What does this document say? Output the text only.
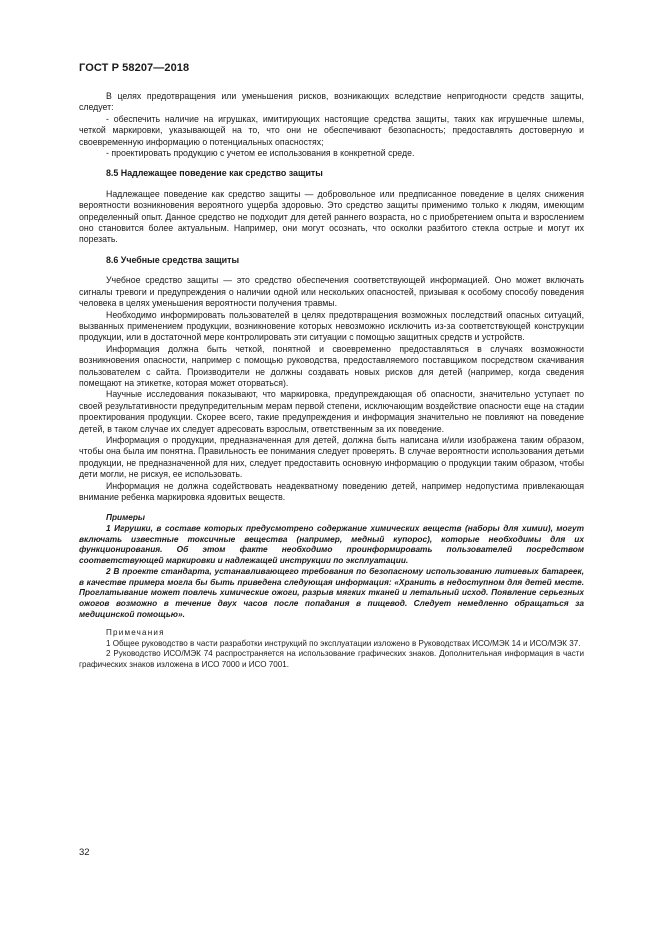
ГОСТ Р 58207—2018

В целях предотвращения или уменьшения рисков, возникающих вследствие непригодности средств защиты, следует:

- обеспечить наличие на игрушках, имитирующих настоящие средства защиты, таких как игрушечные шлемы, четкой маркировки, указывающей на то, что они не обеспечивают безопасность; предоставлять достоверную и своевременную информацию о потенциальных опасностях;

- проектировать продукцию с учетом ее использования в конкретной среде.

8.5 Надлежащее поведение как средство защиты

Надлежащее поведение как средство защиты — добровольное или предписанное поведение в целях снижения вероятности возникновения вероятного ущерба здоровью. Это средство защиты применимо только к людям, имеющим определенный опыт. Данное средство не подходит для детей раннего возраста, но с приобретением опыта и взрослением оно становится более актуальным. Например, они могут осознать, что осколки разбитого стекла острые и могут их порезать.

8.6 Учебные средства защиты

Учебное средство защиты — это средство обеспечения соответствующей информацией. Оно может включать сигналы тревоги и предупреждения о наличии одной или нескольких опасностей, призывая к особому способу поведения человека в целях уменьшения вероятности получения травмы.

Необходимо информировать пользователей в целях предотвращения возможных последствий опасных ситуаций, вызванных применением продукции, возникновение которых невозможно исключить из-за соответствующей конструкции продукции, или в достаточной мере контролировать эти ситуации с помощью защитных средств и устройств.

Информация должна быть четкой, понятной и своевременно предоставляться в случаях возможности возникновения опасности, например с помощью руководства, предоставляемого поставщиком посредством скачивания пользователем с сайта. Производители не должны создавать новых рисков для детей (например, когда сведения помещают на этикетке, которая может оторваться).

Научные исследования показывают, что маркировка, предупреждающая об опасности, значительно уступает по своей результативности предупредительным мерам первой степени, исключающим воздействие опасности еще на стадии проектирования продукции. Скорее всего, такие предупреждения и информация значительно не повлияют на поведение детей, в таком случае их следует адресовать взрослым, ответственным за их поведение.

Информация о продукции, предназначенная для детей, должна быть написана и/или изображена таким образом, чтобы она была им понятна. Правильность ее понимания следует проверять. В случае вероятности использования детьми продукции, не предназначенной для них, следует предоставить основную информацию о продукции таким образом, чтобы дети могли, не рискуя, ее использовать.

Информация не должна содействовать неадекватному поведению детей, например недопустима привлекающая внимание ребенка маркировка ядовитых веществ.

Примеры

1 Игрушки, в составе которых предусмотрено содержание химических веществ (наборы для химии), могут включать известные токсичные вещества (например, медный купорос), которые необходимы для их функционирования. Об этом факте необходимо проинформировать пользователей посредством соответствующей маркировки и надлежащей инструкции по эксплуатации.

2 В проекте стандарта, устанавливающего требования по безопасному использованию литиевых батареек, в качестве примера могла бы быть приведена следующая информация: «Хранить в недоступном для детей месте. Проглатывание может повлечь химические ожоги, разрыв мягких тканей и летальный исход. Появление серьезных ожогов возможно в течение двух часов после попадания в пищевод. Следует немедленно обращаться за медицинской помощью».

Примечания

1 Общее руководство в части разработки инструкций по эксплуатации изложено в Руководствах ИСО/МЭК 14 и ИСО/МЭК 37.

2 Руководство ИСО/МЭК 74 распространяется на использование графических знаков. Дополнительная информация в части графических знаков изложена в ИСО 7000 и ИСО 7001.

32
